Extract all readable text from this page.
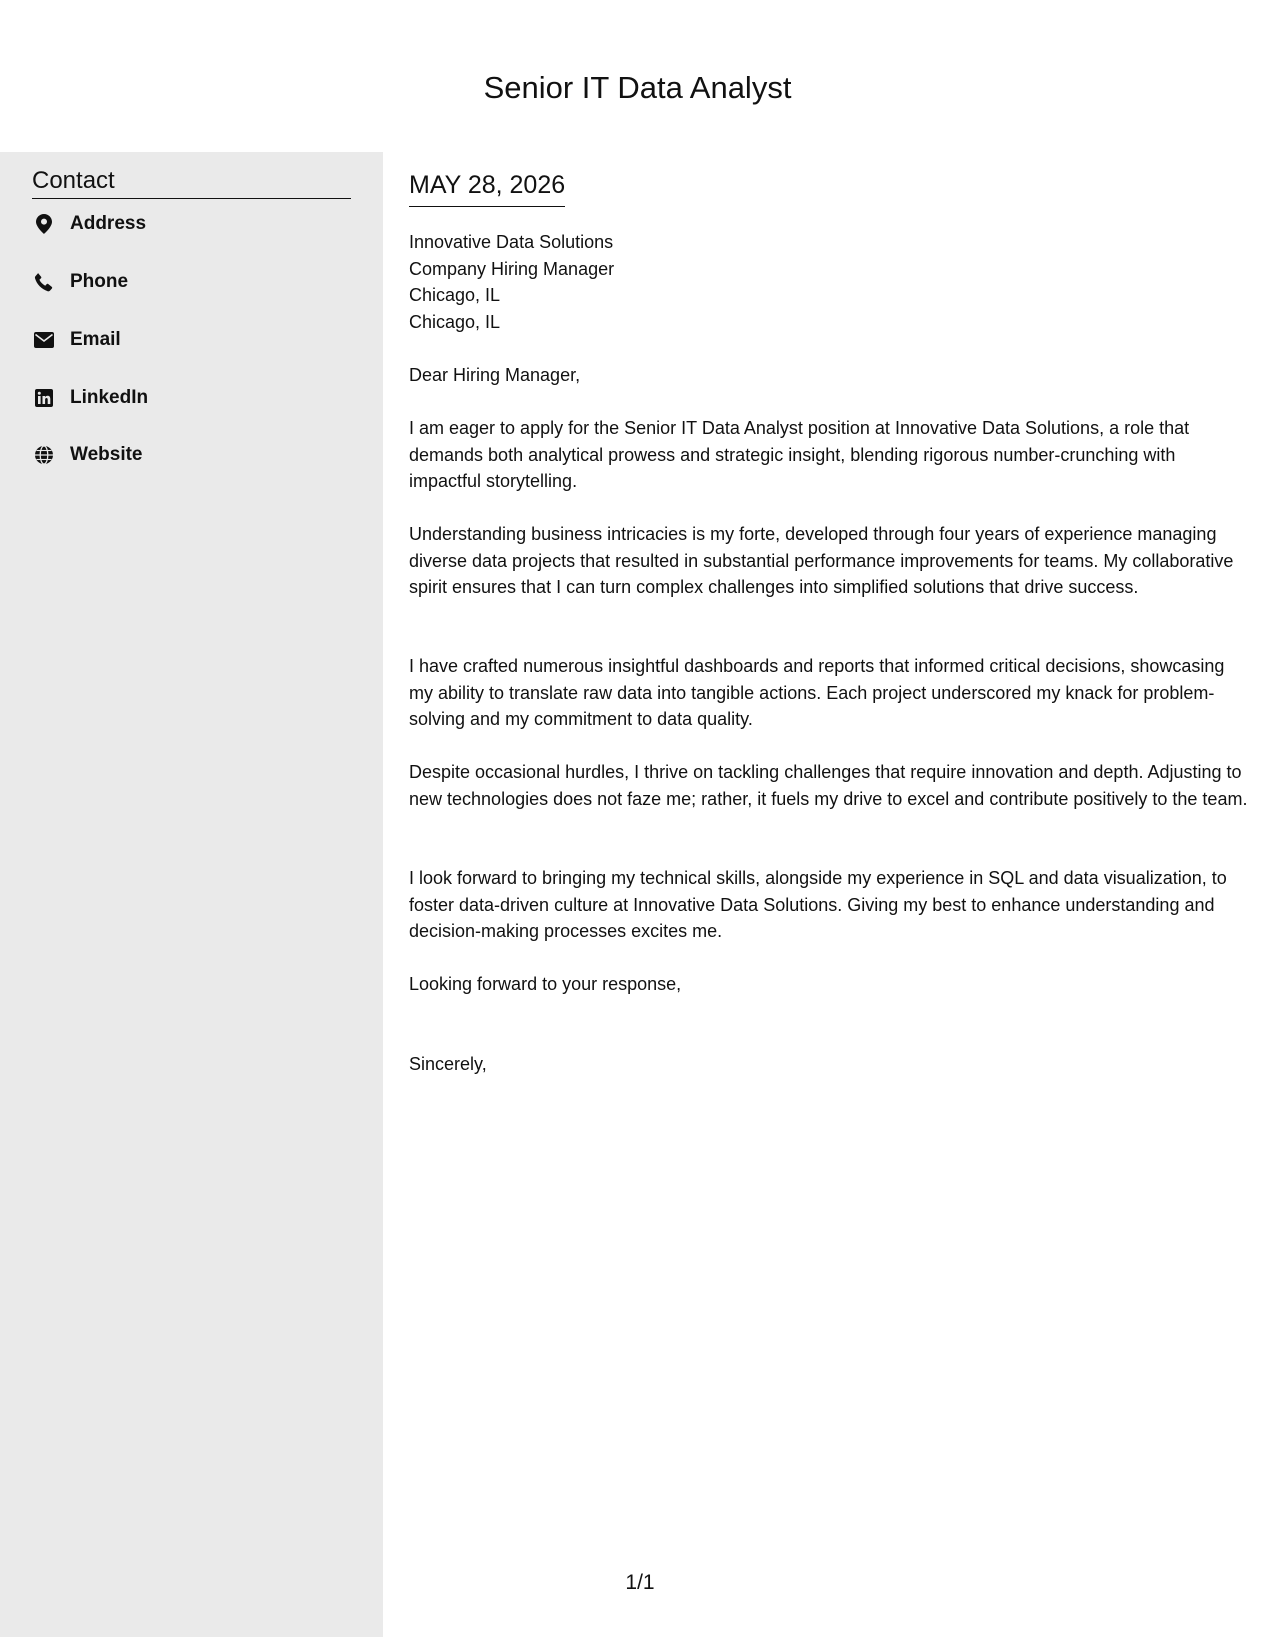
Senior IT Data Analyst
Contact
Address
Phone
Email
LinkedIn
Website
MAY 28, 2026
Innovative Data Solutions
Company Hiring Manager
Chicago, IL
Chicago, IL

Dear Hiring Manager,

I am eager to apply for the Senior IT Data Analyst position at Innovative Data Solutions, a role that demands both analytical prowess and strategic insight, blending rigorous number-crunching with impactful storytelling.

Understanding business intricacies is my forte, developed through four years of experience managing diverse data projects that resulted in substantial performance improvements for teams. My collaborative spirit ensures that I can turn complex challenges into simplified solutions that drive success.

I have crafted numerous insightful dashboards and reports that informed critical decisions, showcasing my ability to translate raw data into tangible actions. Each project underscored my knack for problem-solving and my commitment to data quality.

Despite occasional hurdles, I thrive on tackling challenges that require innovation and depth. Adjusting to new technologies does not faze me; rather, it fuels my drive to excel and contribute positively to the team.

I look forward to bringing my technical skills, alongside my experience in SQL and data visualization, to foster data-driven culture at Innovative Data Solutions. Giving my best to enhance understanding and decision-making processes excites me.

Looking forward to your response,

Sincerely,

1/1
